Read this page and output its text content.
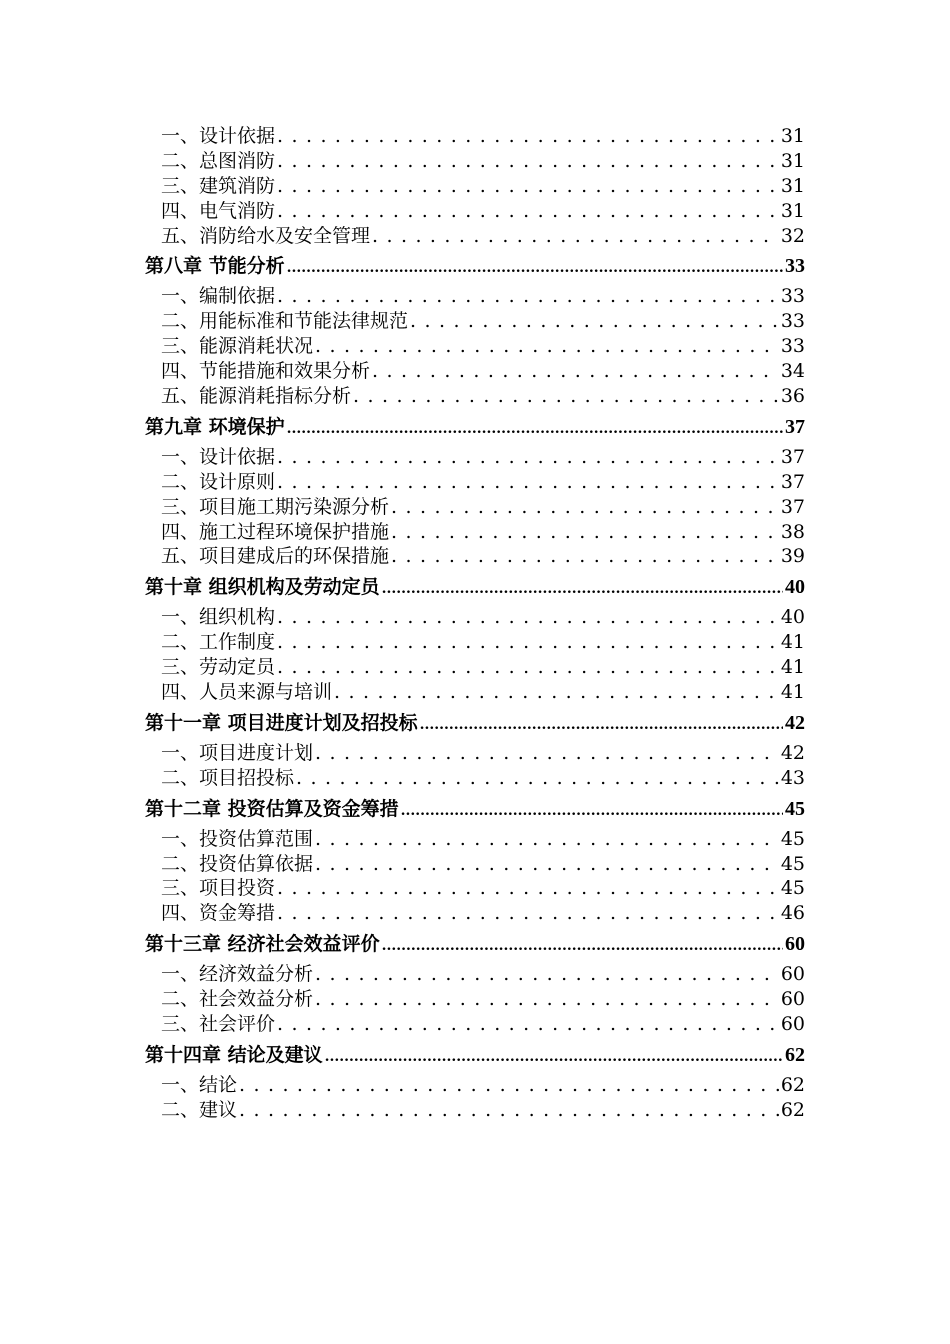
一、设计依据 . . .	31
二、总图消防 . . .	31
三、建筑消防 . . .	31
四、电气消防 . . .	31
五、消防给水及安全管理 . . .	32
第八章 节能分析 .....	33
一、编制依据 . . .	33
二、用能标准和节能法律规范 . . .	33
三、能源消耗状况 . . .	33
四、节能措施和效果分析 . . .	34
五、能源消耗指标分析 . . .	36
第九章 环境保护 .....	37
一、设计依据 . . .	37
二、设计原则 . . .	37
三、项目施工期污染源分析 . . .	37
四、施工过程环境保护措施 . . .	38
五、项目建成后的环保措施 . . .	39
第十章 组织机构及劳动定员 .....	40
一、组织机构 . . .	40
二、工作制度 . . .	41
三、劳动定员 . . .	41
四、人员来源与培训 . . .	41
第十一章 项目进度计划及招投标 .....	42
一、项目进度计划 . . .	42
二、项目招投标 . . .	43
第十二章 投资估算及资金筹措 .....	45
一、投资估算范围 . . .	45
二、投资估算依据 . . .	45
三、项目投资 . . .	45
四、资金筹措 . . .	46
第十三章 经济社会效益评价 .....	60
一、经济效益分析 . . .	60
二、社会效益分析 . . .	60
三、社会评价 . . .	60
第十四章 结论及建议 .....	62
一、结论 . . .	62
二、建议 . . .	62
